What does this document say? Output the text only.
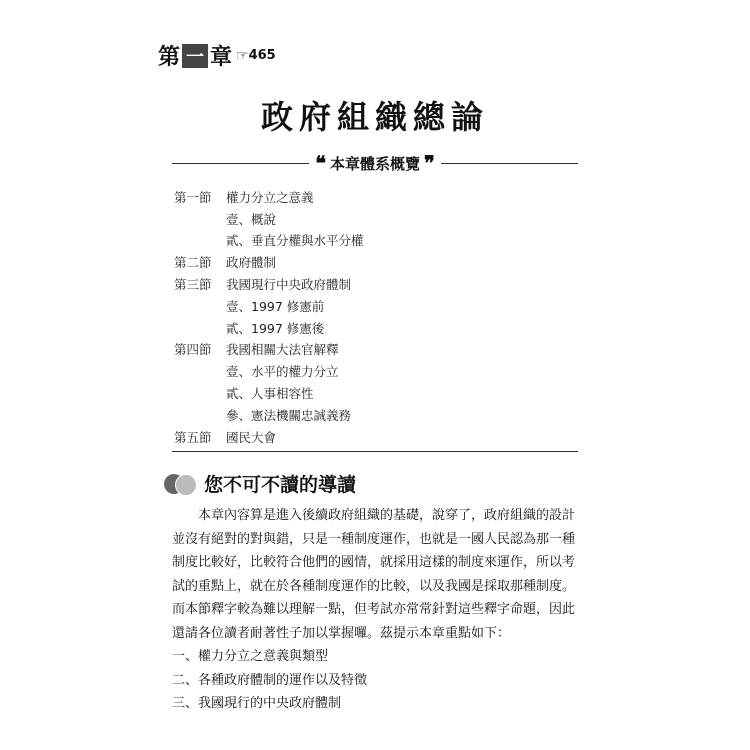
第 一 章 ☞ 465
政府組織總論
❝ 本章體系概覽 ❞
第一節	權力分立之意義
壹、概說
貳、垂直分權與水平分權
第二節	政府體制
第三節	我國現行中央政府體制
壹、1997 修憲前
貳、1997 修憲後
第四節	我國相關大法官解釋
壹、水平的權力分立
貳、人事相容性
參、憲法機關忠誠義務
第五節	國民大會
您不可不讀的導讀
本章內容算是進入後續政府組織的基礎，說穿了，政府組織的設計
並沒有絕對的對與錯，只是一種制度運作，也就是一國人民認為那一種
制度比較好，比較符合他們的國情，就採用這樣的制度來運作，所以考
試的重點上，就在於各種制度運作的比較，以及我國是採取那種制度。
而本節釋字較為難以理解一點，但考試亦常常針對這些釋字命題，因此
還請各位讀者耐著性子加以掌握囉。茲提示本章重點如下：
一、權力分立之意義與類型
二、各種政府體制的運作以及特徵
三、我國現行的中央政府體制
